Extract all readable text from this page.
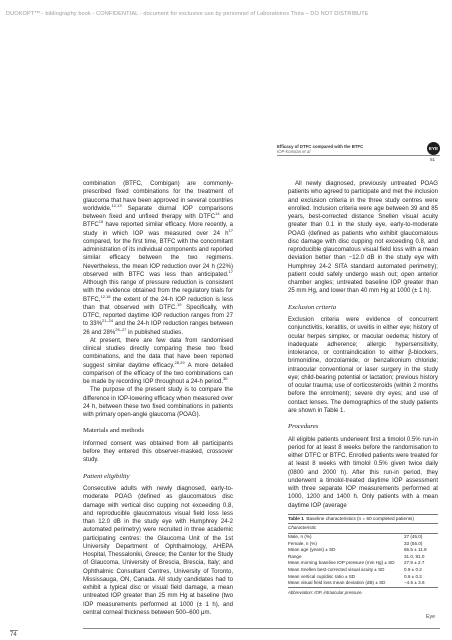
DUOKOPT™ - bibliography book - CONFIDENTIAL - document for exclusive use by personnel of Laboratoires Théa – DO NOT DISTRIBUTE
Efficacy of DTFC compared with the BTFC
IOP Konstas et al
EYE
81

combination (BTFC, Combigan) are commonly-prescribed fixed combinations for the treatment of glaucoma that have been approved in several countries worldwide.$^{12,13}$ Separate diurnal IOP comparisons between fixed and unfixed therapy with DTFC$^{14}$ and BTFC$^{15}$ have reported similar efficacy. More recently, a study in which IOP was measured over 24 $h^{17}$ compared, for the first time, BTFC with the concomitant administration of its individual components and reported similar efficacy between the two regimens. Nevertheless, the mean IOP reduction over 24 h (22%) observed with BTFC was less than anticipated.$^{17}$ Although this range of pressure reduction is consistent with the evidence obtained from the regulatory trials for BTFC,$^{12,18}$ the extent of the 24-h IOP reduction is less than that observed with DTFC.$^{19}$ Specifically, with DTFC, reported daytime IOP reduction ranges from 27 to 33%$^{21-24}$ and the 24-h IOP reduction ranges between 26 and 28%$^{25-27}$ in published studies.

At present, there are few data from randomised clinical studies directly comparing these two fixed combinations, and the data that have been reported suggest similar daytime efficacy.$^{28,29}$ A more detailed comparison of the efficacy of the two combinations can be made by recording IOP throughout a 24-h period.$^{30}$

The purpose of the present study is to compare the difference in IOP-lowering efficacy when measured over 24 h, between these two fixed combinations in patients with primary open-angle glaucoma (POAG).

Materials and methods

Informed consent was obtained from all participants before they entered this observer-masked, crossover study.

Patient eligibility

Consecutive adults with newly diagnosed, early-to-moderate POAG (defined as glaucomatous disc damage with vertical disc cupping not exceeding 0.8, and reproducible glaucomatous visual field loss less than 12.0 dB in the study eye with Humphrey 24-2 automated perimetry) were recruited in three academic participating centres: the Glaucoma Unit of the 1st University Department of Ophthalmology, AHEPA Hospital, Thessaloniki, Greece; the Center for the Study of Glaucoma, University of Brescia, Brescia, Italy; and Ophthalmic Consultant Centres, University of Toronto, Mississauga, ON, Canada. All study candidates had to exhibit a typical disc or visual field damage, a mean untreated IOP greater than 25 mm Hg at baseline (two IOP measurements performed at 1000 (± 1 h), and central corneal thickness between 500–600 μm.

All newly diagnosed, previously untreated POAG patients who agreed to participate and met the inclusion and exclusion criteria in the three study centres were enrolled. Inclusion criteria were age between 39 and 85 years, best-corrected distance Snellen visual acuity greater than 0.1 in the study eye, early-to-moderate POAG (defined as patients who exhibit glaucomatous disc damage with disc cupping not exceeding 0.8, and reproducible glaucomatous visual field loss with a mean deviation better than −12.0 dB in the study eye with Humphrey 24-2 SITA standard automated perimetry); patient could safely undergo wash out; open anterior chamber angles; untreated baseline IOP greater than 25 mm Hg, and lower than 40 mm Hg at 1000 (± 1 h).

Exclusion criteria

Exclusion criteria were evidence of concurrent conjunctivitis, keratitis, or uveitis in either eye; history of ocular herpes simplex, or macular oedema; history of inadequate adherence; allergic hypersensitivity, intolerance, or contraindication to either β-blockers, brimonidine, dorzolamide, or benzalkonium chloride; intraocular conventional or laser surgery in the study eye; child-bearing potential or lactation; previous history of ocular trauma; use of corticosteroids (within 2 months before the enrolment); severe dry eyes; and use of contact lenses. The demographics of the study patients are shown in Table 1.

Procedures

All eligible patients underwent first a timolol 0.5% run-in period for at least 8 weeks before the randomisation to either DTFC or BTFC. Enrolled patients were treated for at least 8 weeks with timolol 0.5% given twice daily (0800 and 2000 h). After this run-in period, they underwent a timolol-treated daytime IOP assessment with three separate IOP measurements performed at 1000, 1200 and 1400 h. Only patients with a mean daytime IOP (average

Table 1 Baseline characteristics (n = 60 completed patients)
Characteristic
Male, n (%)	27 (45.0)
Female, n (%)	33 (55.0)
Mean age (years) ± SD	65.5 ± 11.9
Range	31.0, 81.0
Mean morning baseline IOP pressure (mm Hg) ± SD 27.9 ± 2.7
Mean Snellen best-corrected visual acuity ± SD	0.9 ± 0.2
Mean vertical cup/disc ratio ± SD	0.6 ± 0.2
Mean visual field loss mean deviation (dB) ± SD	−4.5 ± 3.6
Abbreviation: IOP, intraocular pressure.
Eye
74
